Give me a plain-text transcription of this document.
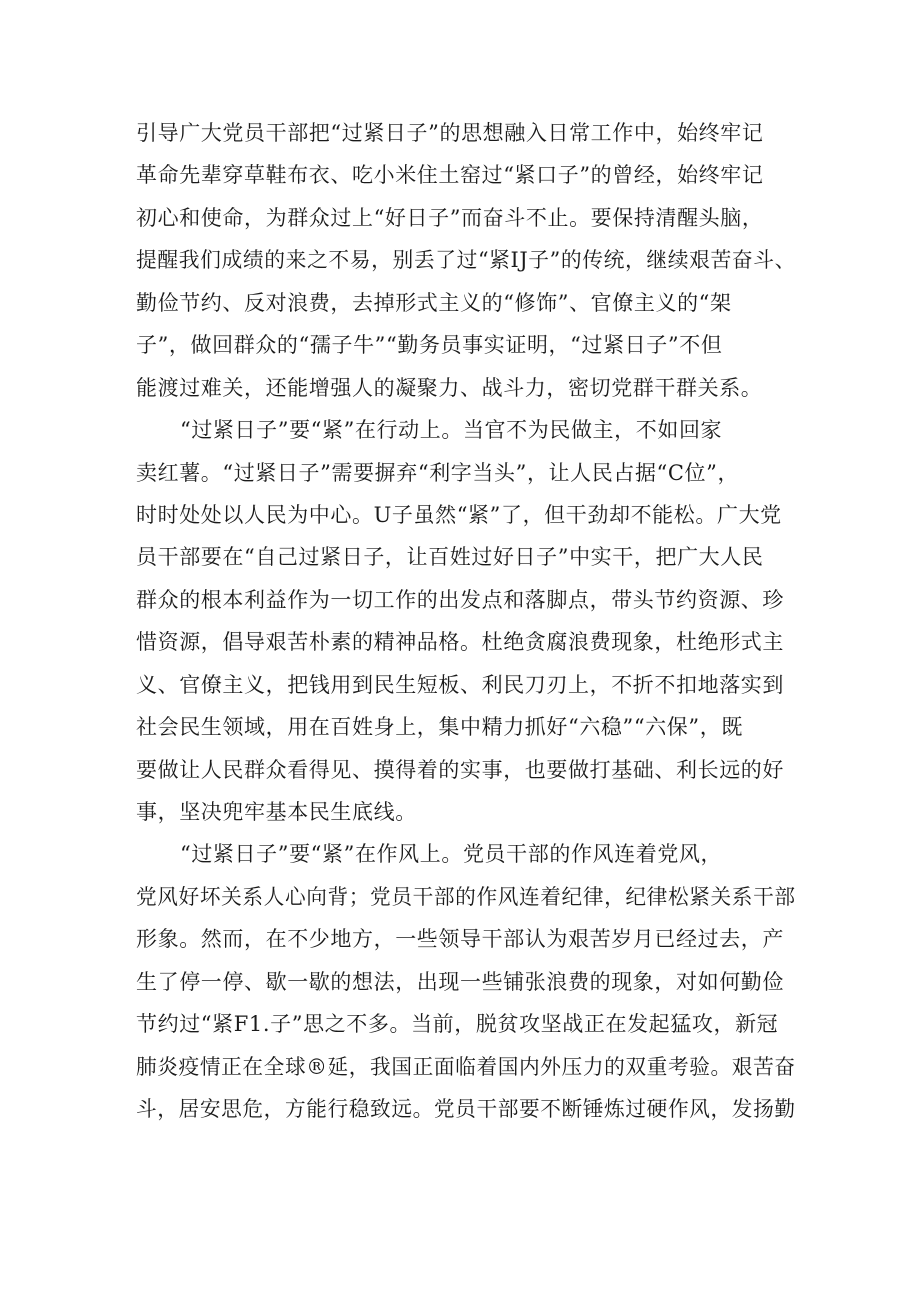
引导广大党员干部把“过紧日子”的思想融入日常工作中，始终牢记
革命先辈穿草鞋布衣、吃小米住土窑过“紧口子”的曾经，始终牢记
初心和使命，为群众过上“好日子”而奋斗不止。要保持清醒头脑，
提醒我们成绩的来之不易，别丢了过“紧IJ子”的传统，继续艰苦奋斗、
勤俭节约、反对浪费，去掉形式主义的“修饰”、官僚主义的“架
子”，做回群众的“孺子牛”“勤务员事实证明，“过紧日子”不但
能渡过难关，还能增强人的凝聚力、战斗力，密切党群干群关系。
“过紧日子”要“紧”在行动上。当官不为民做主，不如回家
卖红薯。“过紧日子”需要摒弃“利字当头”，让人民占据“C位”，
时时处处以人民为中心。U子虽然“紧”了，但干劲却不能松。广大党
员干部要在“自己过紧日子，让百姓过好日子”中实干，把广大人民
群众的根本利益作为一切工作的出发点和落脚点，带头节约资源、珍
惜资源，倡导艰苦朴素的精神品格。杜绝贪腐浪费现象，杜绝形式主
义、官僚主义，把钱用到民生短板、利民刀刃上，不折不扣地落实到
社会民生领域，用在百姓身上，集中精力抓好“六稳”“六保”，既
要做让人民群众看得见、摸得着的实事，也要做打基础、利长远的好
事，坚决兜牢基本民生底线。
“过紧日子”要“紧”在作风上。党员干部的作风连着党风，
党风好坏关系人心向背；党员干部的作风连着纪律，纪律松紧关系干部
形象。然而，在不少地方，一些领导干部认为艰苦岁月已经过去，产
生了停一停、歇一歇的想法，出现一些铺张浪费的现象，对如何勤俭
节约过“紧F1.子”思之不多。当前，脱贫攻坚战正在发起猛攻，新冠
肺炎疫情正在全球®延，我国正面临着国内外压力的双重考验。艰苦奋
斗，居安思危，方能行稳致远。党员干部要不断锤炼过硬作风，发扬勤
